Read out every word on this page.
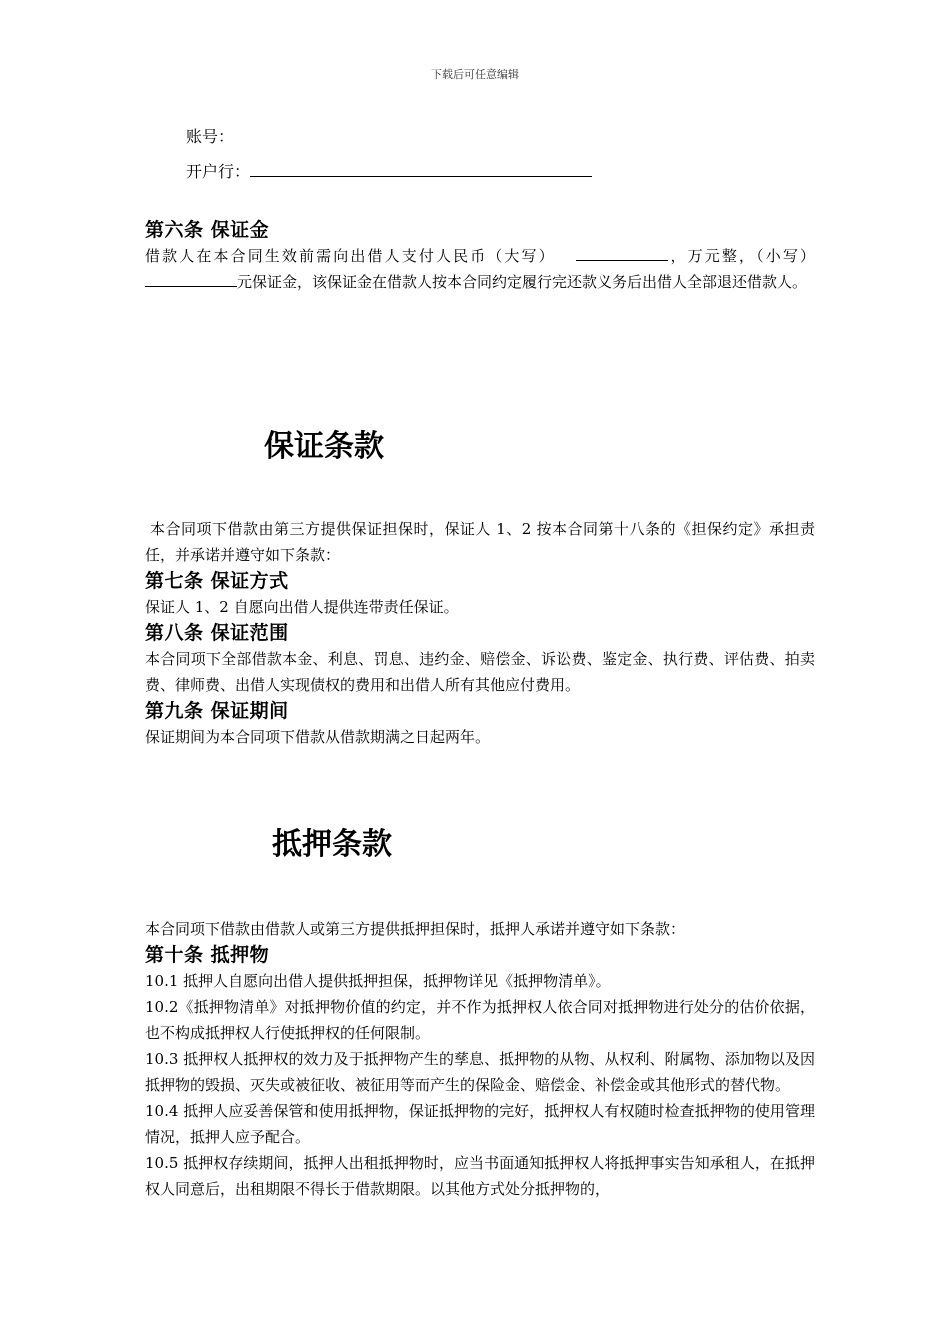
下载后可任意编辑
账号：
开户行：
第六条 保证金

借款人在本合同生效前需向出借人支付人民币（大写）	，万元整，（小写）元保证金，该保证金在借款人按本合同约定履行完还款义务后出借人全部退还借款人。

保证条款

本合同项下借款由第三方提供保证担保时，保证人 1、2 按本合同第十八条的《担保约定》承担责任，并承诺并遵守如下条款：

第七条 保证方式

保证人 1、2 自愿向出借人提供连带责任保证。

第八条 保证范围

本合同项下全部借款本金、利息、罚息、违约金、赔偿金、诉讼费、鉴定金、执行费、评估费、拍卖费、律师费、出借人实现债权的费用和出借人所有其他应付费用。

第九条 保证期间

保证期间为本合同项下借款从借款期满之日起两年。

抵押条款

本合同项下借款由借款人或第三方提供抵押担保时，抵押人承诺并遵守如下条款：

第十条 抵押物

10.1 抵押人自愿向出借人提供抵押担保，抵押物详见《抵押物清单》。

10.2《抵押物清单》对抵押物价值的约定，并不作为抵押权人依合同对抵押物进行处分的估价依据，也不构成抵押权人行使抵押权的任何限制。

10.3 抵押权人抵押权的效力及于抵押物产生的孳息、抵押物的从物、从权利、附属物、添加物以及因抵押物的毁损、灭失或被征收、被征用等而产生的保险金、赔偿金、补偿金或其他形式的替代物。

10.4 抵押人应妥善保管和使用抵押物，保证抵押物的完好，抵押权人有权随时检查抵押物的使用管理情况，抵押人应予配合。

10.5 抵押权存续期间，抵押人出租抵押物时，应当书面通知抵押权人将抵押事实告知承租人，在抵押权人同意后，出租期限不得长于借款期限。以其他方式处分抵押物的，
